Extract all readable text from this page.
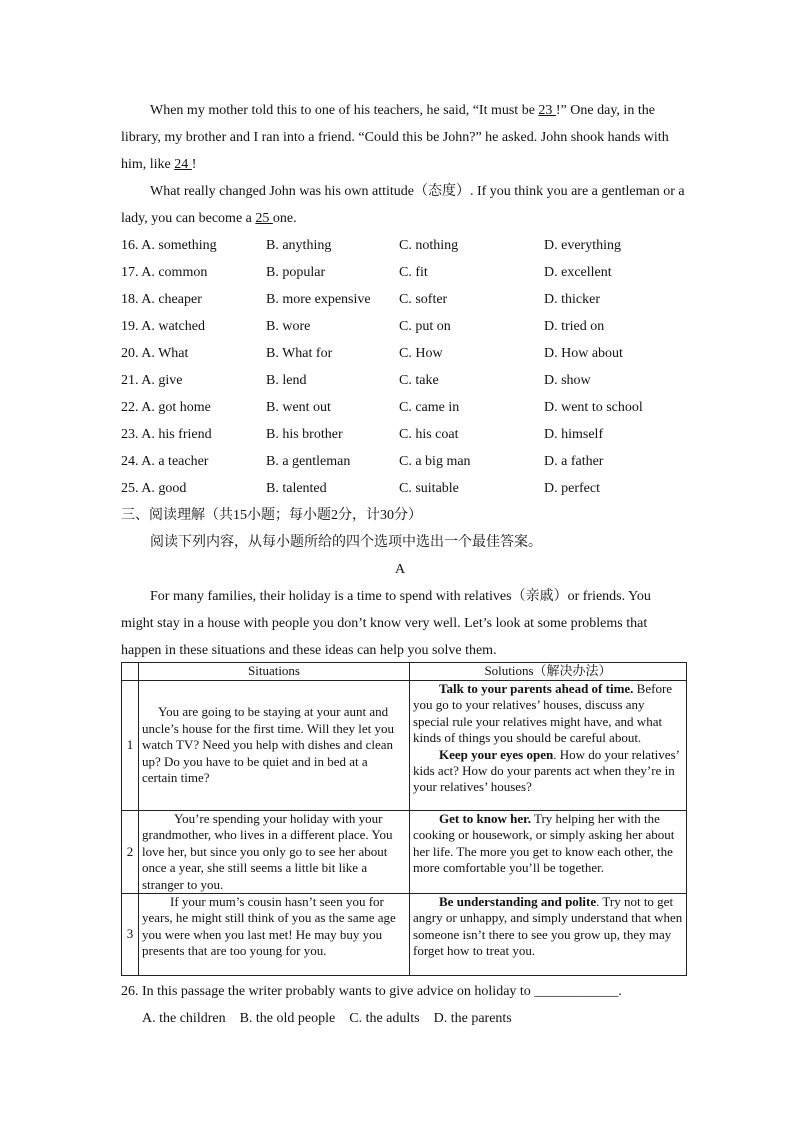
When my mother told this to one of his teachers, he said, “It must be 23 !” One day, in the library, my brother and I ran into a friend. “Could this be John?” he asked. John shook hands with him, like 24 !

What really changed John was his own attitude（态度）. If you think you are a gentleman or a lady, you can become a 25 one.

16. A. something	B. anything	C. nothing	D. everything
17. A. common	B. popular	C. fit	D. excellent
18. A. cheaper	B. more expensive C. softer	D. thicker
19. A. watched	B. wore	C. put on	D. tried on
20. A. What	B. What for	C. How	D. How about
21. A. give	B. lend	C. take	D. show
22. A. got home	B. went out	C. came in	D. went to school
23. A. his friend	B. his brother	C. his coat	D. himself
24. A. a teacher	B. a gentleman	C. a big man	D. a father
25. A. good	B. talented	C. suitable	D. perfect
三、阅读理解（共15小题；每小题2分，计30分）
阅读下列内容，从每小题所给的四个选项中选出一个最佳答案。
A

For many families, their holiday is a time to spend with relatives（亲戚）or friends. You might stay in a house with people you don’t know very well. Let’s look at some problems that happen in these situations and these ideas can help you solve them.

	Situations	Solutions（解决办法）
1	You are going to be staying at your aunt and uncle’s house for the first time. Will they let you watch TV? Need you help with dishes and clean up? Do you have to be quiet and in bed at a certain time?	Talk to your parents ahead of time. Before you go to your relatives’ houses, discuss any special rule your relatives might have, and what kinds of things you should be careful about.

Keep your eyes open. How do your relatives’ kids act? How do your parents act when they’re in your relatives’ houses?

2	You’re spending your holiday with your grandmother, who lives in a different place. You love her, but since you only go to see her about once a year, she still seems a little bit like a stranger to you.	Get to know her. Try helping her with the cooking or housework, or simply asking her about her life. The more you get to know each other, the more comfortable you’ll be together.

3	If your mum’s cousin hasn’t seen you for years, he might still think of you as the same age you were when you last met! He may buy you presents that are too young for you.	Be understanding and polite. Try not to get angry or unhappy, and simply understand that when someone isn’t there to see you grow up, they may forget how to treat you.

26. In this passage the writer probably wants to give advice on holiday to ____________.
A. the children    B. the old people    C. the adults    D. the parents
